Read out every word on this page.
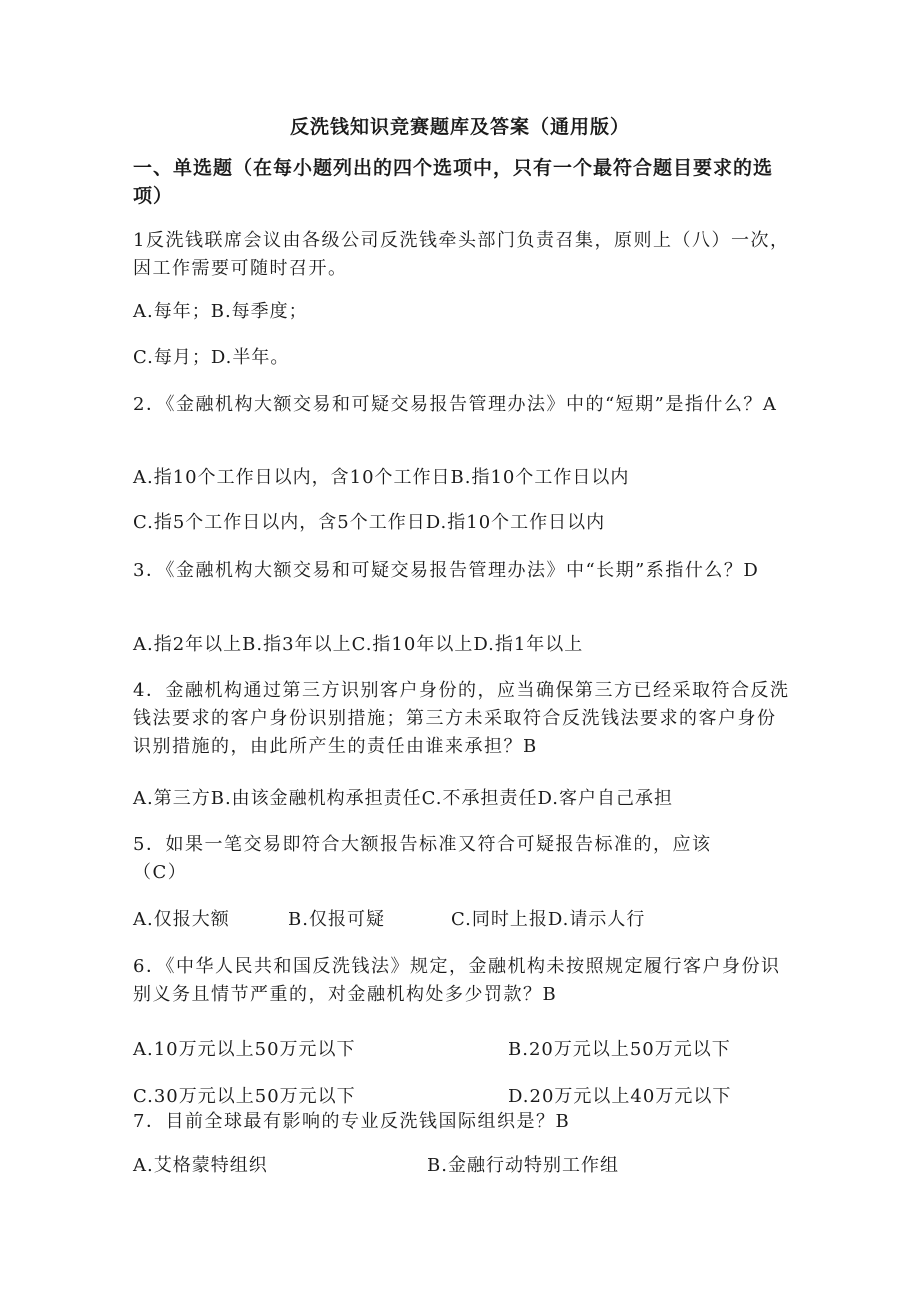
反洗钱知识竞赛题库及答案（通用版）
一、单选题（在每小题列出的四个选项中，只有一个最符合题目要求的选项）
1反洗钱联席会议由各级公司反洗钱牵头部门负责召集，原则上（八）一次，因工作需要可随时召开。
A.每年；B.每季度；
C.每月；D.半年。
2．《金融机构大额交易和可疑交易报告管理办法》中的“短期”是指什么？A
A.指10个工作日以内，含10个工作日B.指10个工作日以内
C.指5个工作日以内，含5个工作日D.指10个工作日以内
3．《金融机构大额交易和可疑交易报告管理办法》中“长期”系指什么？D
A.指2年以上B.指3年以上C.指10年以上D.指1年以上
4．金融机构通过第三方识别客户身份的，应当确保第三方已经采取符合反洗钱法要求的客户身份识别措施；第三方未采取符合反洗钱法要求的客户身份识别措施的，由此所产生的责任由谁来承担？B
A.第三方B.由该金融机构承担责任C.不承担责任D.客户自己承担
5．如果一笔交易即符合大额报告标准又符合可疑报告标准的，应该（C）
A.仅报大额	B.仅报可疑	C.同时上报D.请示人行
6．《中华人民共和国反洗钱法》规定，金融机构未按照规定履行客户身份识别义务且情节严重的，对金融机构处多少罚款？B
A.10万元以上50万元以下	B.20万元以上50万元以下
C.30万元以上50万元以下	D.20万元以上40万元以下
7．目前全球最有影响的专业反洗钱国际组织是？B
A.艾格蒙特组织	B.金融行动特别工作组
